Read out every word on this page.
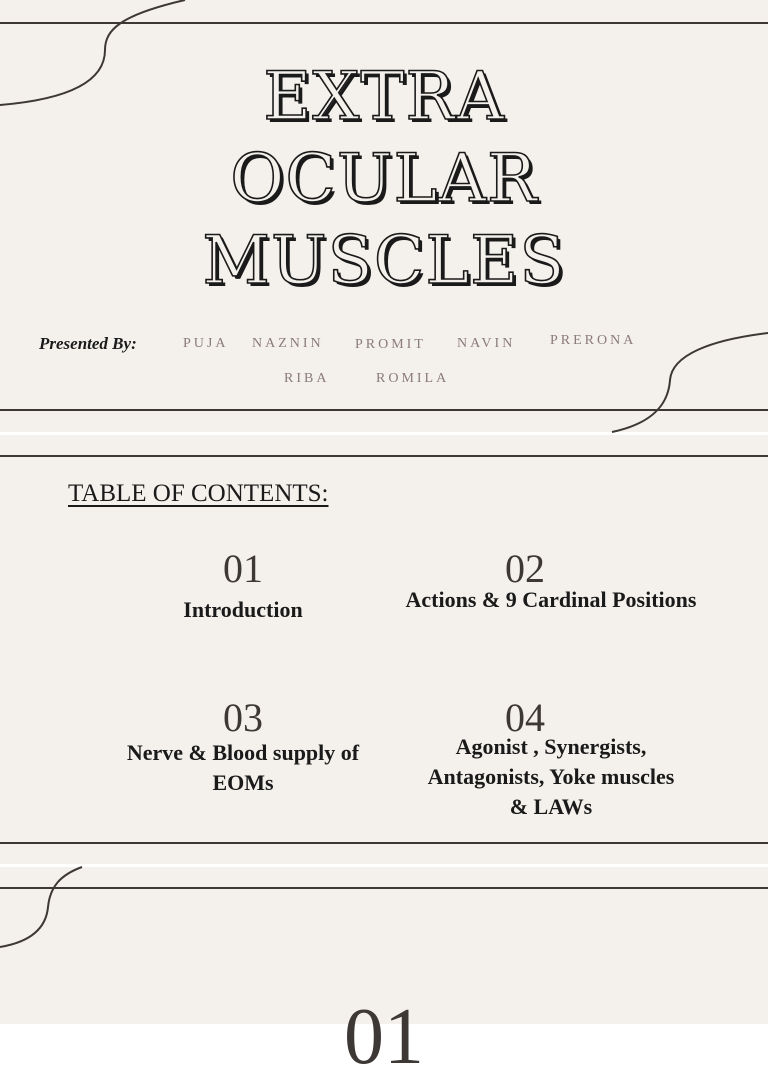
EXTRA
OCULAR
MUSCLES
Presented By:	PUJA NAZNIN PROMIT NAVIN PRERONA
RIBA	ROMILA
TABLE OF CONTENTS:
01
Introduction
02
Actions & 9 Cardinal Positions
03
Nerve & Blood supply of EOMs
04
Agonist , Synergists, Antagonists, Yoke muscles & LAWs
01
